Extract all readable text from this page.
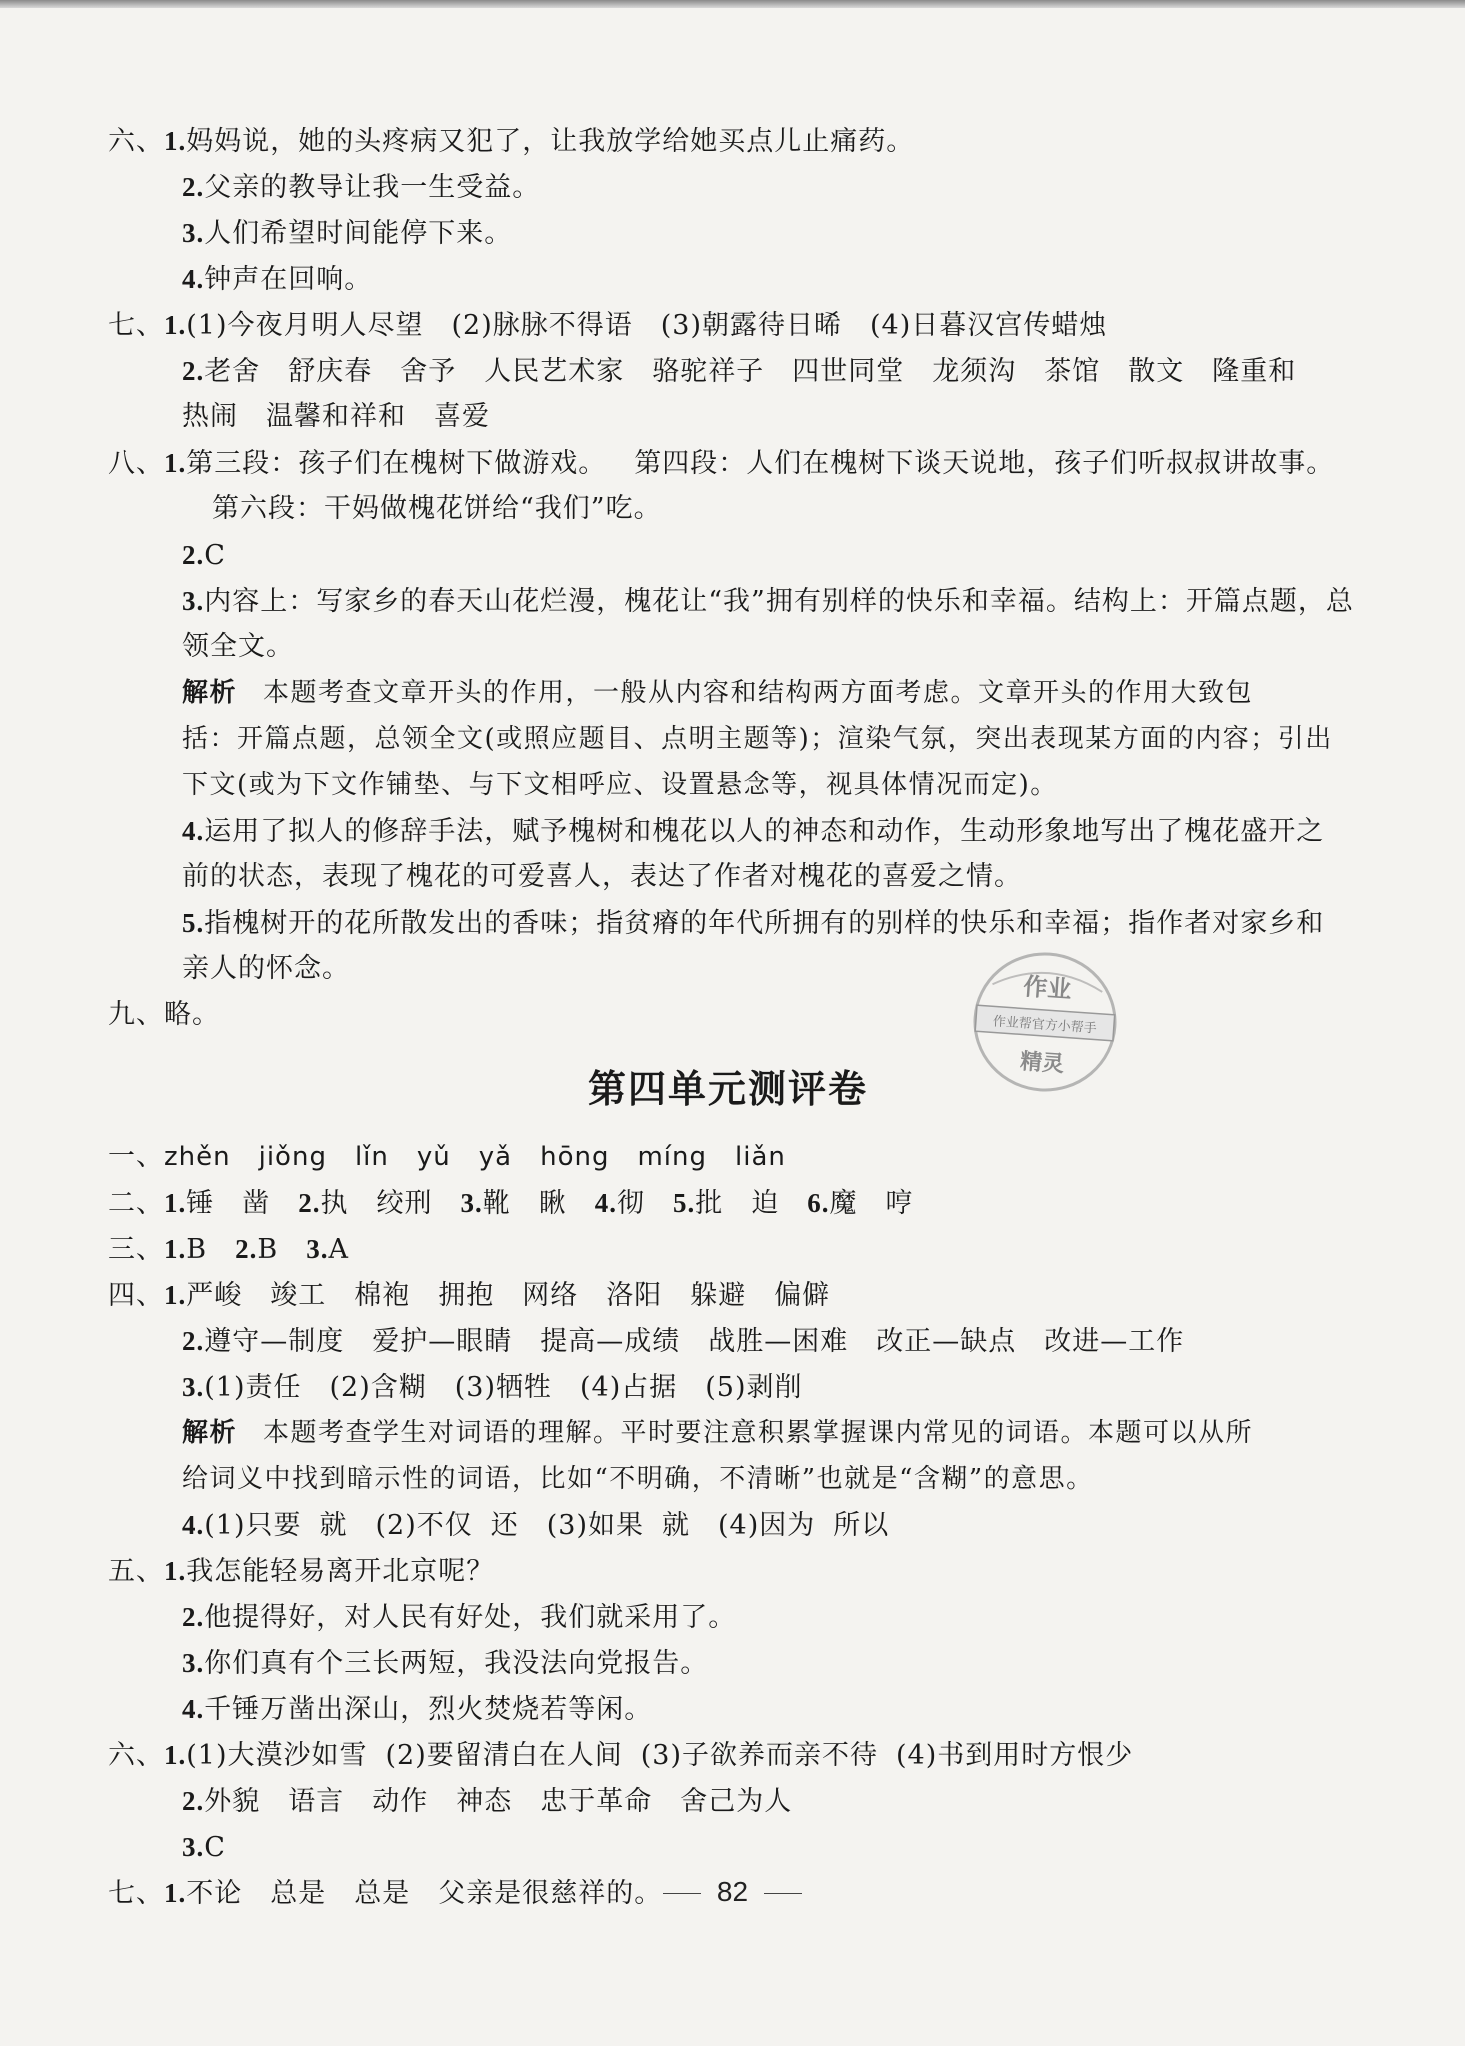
六、1.妈妈说，她的头疼病又犯了，让我放学给她买点儿止痛药。
2.父亲的教导让我一生受益。
3.人们希望时间能停下来。
4.钟声在回响。
七、1.(1)今夜月明人尽望 (2)脉脉不得语 (3)朝露待日晞 (4)日暮汉宫传蜡烛
2.老舍 舒庆春 舍予 人民艺术家 骆驼祥子 四世同堂 龙须沟 茶馆 散文 隆重和
热闹 温馨和祥和 喜爱
八、1.第三段：孩子们在槐树下做游戏。 第四段：人们在槐树下谈天说地，孩子们听叔叔讲故事。
第六段：干妈做槐花饼给“我们”吃。
2.C
3.内容上：写家乡的春天山花烂漫，槐花让“我”拥有别样的快乐和幸福。结构上：开篇点题，总
领全文。
解析 本题考查文章开头的作用，一般从内容和结构两方面考虑。文章开头的作用大致包
括：开篇点题，总领全文(或照应题目、点明主题等)；渲染气氛，突出表现某方面的内容；引出
下文(或为下文作铺垫、与下文相呼应、设置悬念等，视具体情况而定)。
4.运用了拟人的修辞手法，赋予槐树和槐花以人的神态和动作，生动形象地写出了槐花盛开之
前的状态，表现了槐花的可爱喜人，表达了作者对槐花的喜爱之情。
5.指槐树开的花所散发出的香味；指贫瘠的年代所拥有的别样的快乐和幸福；指作者对家乡和
亲人的怀念。
九、略。
第四单元测评卷
一、zhěn jiǒng lǐn yǔ yǎ hōng míng liǎn
二、1.锤 凿 2.执 绞刑 3.靴 瞅 4.彻 5.批 迫 6.魔 哼
三、1.B 2.B 3.A
四、1.严峻 竣工 棉袍 拥抱 网络 洛阳 躲避 偏僻
2.遵守—制度 爱护—眼睛 提高—成绩 战胜—困难 改正—缺点 改进—工作
3.(1)责任 (2)含糊 (3)牺牲 (4)占据 (5)剥削
解析 本题考查学生对词语的理解。平时要注意积累掌握课内常见的词语。本题可以从所
给词义中找到暗示性的词语，比如“不明确，不清晰”也就是“含糊”的意思。
4.(1)只要 就 (2)不仅 还 (3)如果 就 (4)因为 所以
五、1.我怎能轻易离开北京呢？
2.他提得好，对人民有好处，我们就采用了。
3.你们真有个三长两短，我没法向党报告。
4.千锤万凿出深山，烈火焚烧若等闲。
六、1.(1)大漠沙如雪 (2)要留清白在人间 (3)子欲养而亲不待 (4)书到用时方恨少
2.外貌 语言 动作 神态 忠于革命 舍己为人
3.C
七、1.不论 总是 总是 父亲是很慈祥的。
作业
作业帮官方小帮手
精灵
82
